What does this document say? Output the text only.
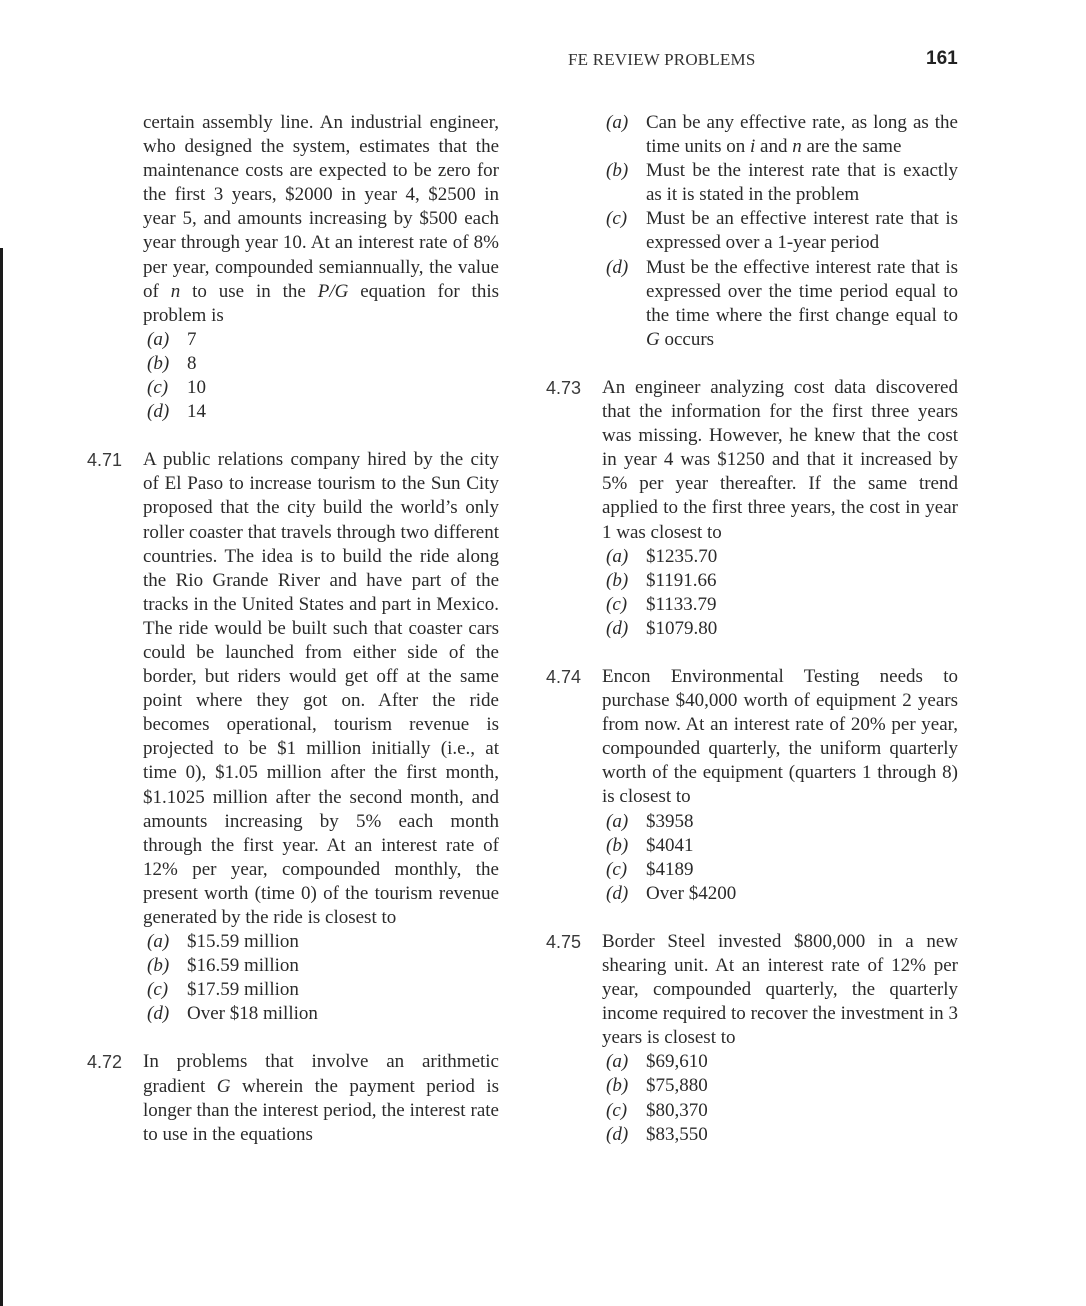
FE REVIEW PROBLEMS	161

certain assembly line. An industrial engineer, who designed the system, estimates that the maintenance costs are expected to be zero for the first 3 years, $2000 in year 4, $2500 in year 5, and amounts increasing by $500 each year through year 10. At an interest rate of 8% per year, compounded semiannually, the value of n to use in the P/G equation for this problem is

(a) 7
(b) 8
(c) 10
(d) 14
4.71	A public relations company hired by the city of El Paso to increase tourism to the Sun City proposed that the city build the world’s only roller coaster that travels through two different countries. The idea is to build the ride along the Rio Grande River and have part of the tracks in the United States and part in Mexico. The ride would be built such that coaster cars could be launched from either side of the border, but riders would get off at the same point where they got on. After the ride becomes operational, tourism revenue is projected to be $1 million initially (i.e., at time 0), $1.05 million after the first month, $1.1025 million after the second month, and amounts increasing by 5% each month through the first year. At an interest rate of 12% per year, compounded monthly, the present worth (time 0) of the tourism revenue generated by the ride is closest to

(a) $15.59 million
(b) $16.59 million
(c) $17.59 million
(d) Over $18 million
4.72	In problems that involve an arithmetic gradient G wherein the payment period is longer than the interest period, the interest rate to use in the equations

(a) Can be any effective rate, as long as the time units on i and n are the same
(b) Must be the interest rate that is exactly as it is stated in the problem
(c) Must be an effective interest rate that is expressed over a 1-year period
(d) Must be the effective interest rate that is expressed over the time period equal to the time where the first change equal to G occurs
4.73	An engineer analyzing cost data discovered that the information for the first three years was missing. However, he knew that the cost in year 4 was $1250 and that it increased by 5% per year thereafter. If the same trend applied to the first three years, the cost in year 1 was closest to

(a) $1235.70
(b) $1191.66
(c) $1133.79
(d) $1079.80
4.74	Encon Environmental Testing needs to purchase $40,000 worth of equipment 2 years from now. At an interest rate of 20% per year, compounded quarterly, the uniform quarterly worth of the equipment (quarters 1 through 8) is closest to

(a) $3958
(b) $4041
(c) $4189
(d) Over $4200
4.75	Border Steel invested $800,000 in a new shearing unit. At an interest rate of 12% per year, compounded quarterly, the quarterly income required to recover the investment in 3 years is closest to

(a) $69,610
(b) $75,880
(c) $80,370
(d) $83,550
